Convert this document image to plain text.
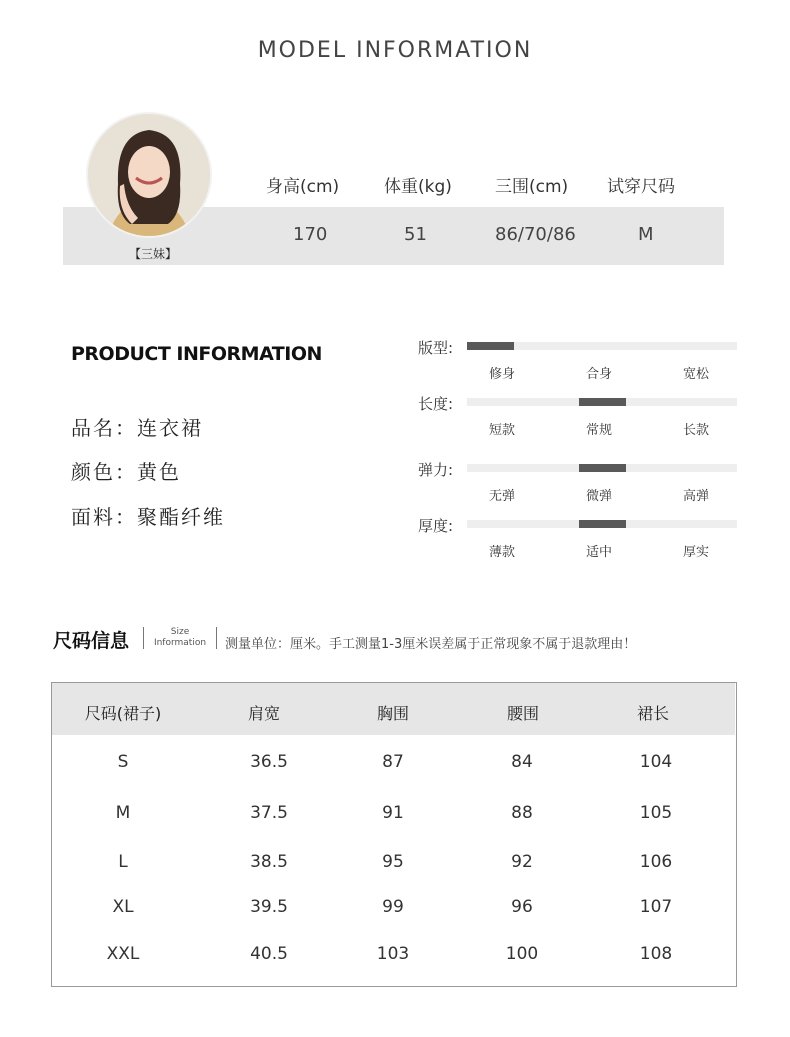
MODEL INFORMATION
【三妹】
身高(cm)	体重(kg)	三围(cm) 试穿尺码
170	51	86/70/86	M
PRODUCT INFORMATION
品名：连衣裙
颜色：黄色
面料：聚酯纤维
版型:
修身	合身	宽松
长度:
短款	常规	长款
弹力:
无弹	微弹	高弹
厚度:
薄款	适中	厚实
尺码信息	Size
Information	测量单位：厘米。手工测量1-3厘米误差属于正常现象不属于退款理由！
尺码(裙子)	肩宽	胸围	腰围	裙长
S	36.5	87	84	104
M	37.5	91	88	105
L	38.5	95	92	106
XL	39.5	99	96	107
XXL	40.5	103	100	108
